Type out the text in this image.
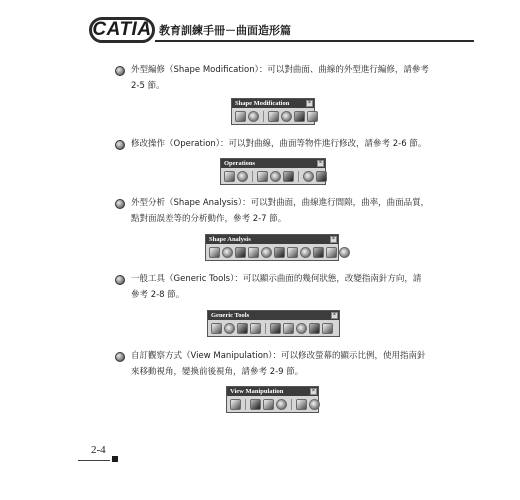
CATIA 教育訓練手冊－曲面造形篇

外型編修（Shape Modification）：可以對曲面、曲線的外型進行編修，請參考
2-5 節。

Shape Modification	×

修改操作（Operation）：可以對曲線，曲面等物件進行修改，請參考 2-6 節。

Operations	×

外型分析（Shape Analysis）：可以對曲面，曲線進行間隙，曲率，曲面品質，
點對面誤差等的分析動作，參考 2-7 節。

Shape Analysis	×

一般工具（Generic Tools）：可以顯示曲面的幾何狀態，改變指南針方向，請
參考 2-8 節。

Generic Tools	×

自訂觀察方式（View Manipulation）：可以修改螢幕的顯示比例，使用指南針
來移動視角，變換前後視角，請參考 2-9 節。

View Manipulation	×
2-4
